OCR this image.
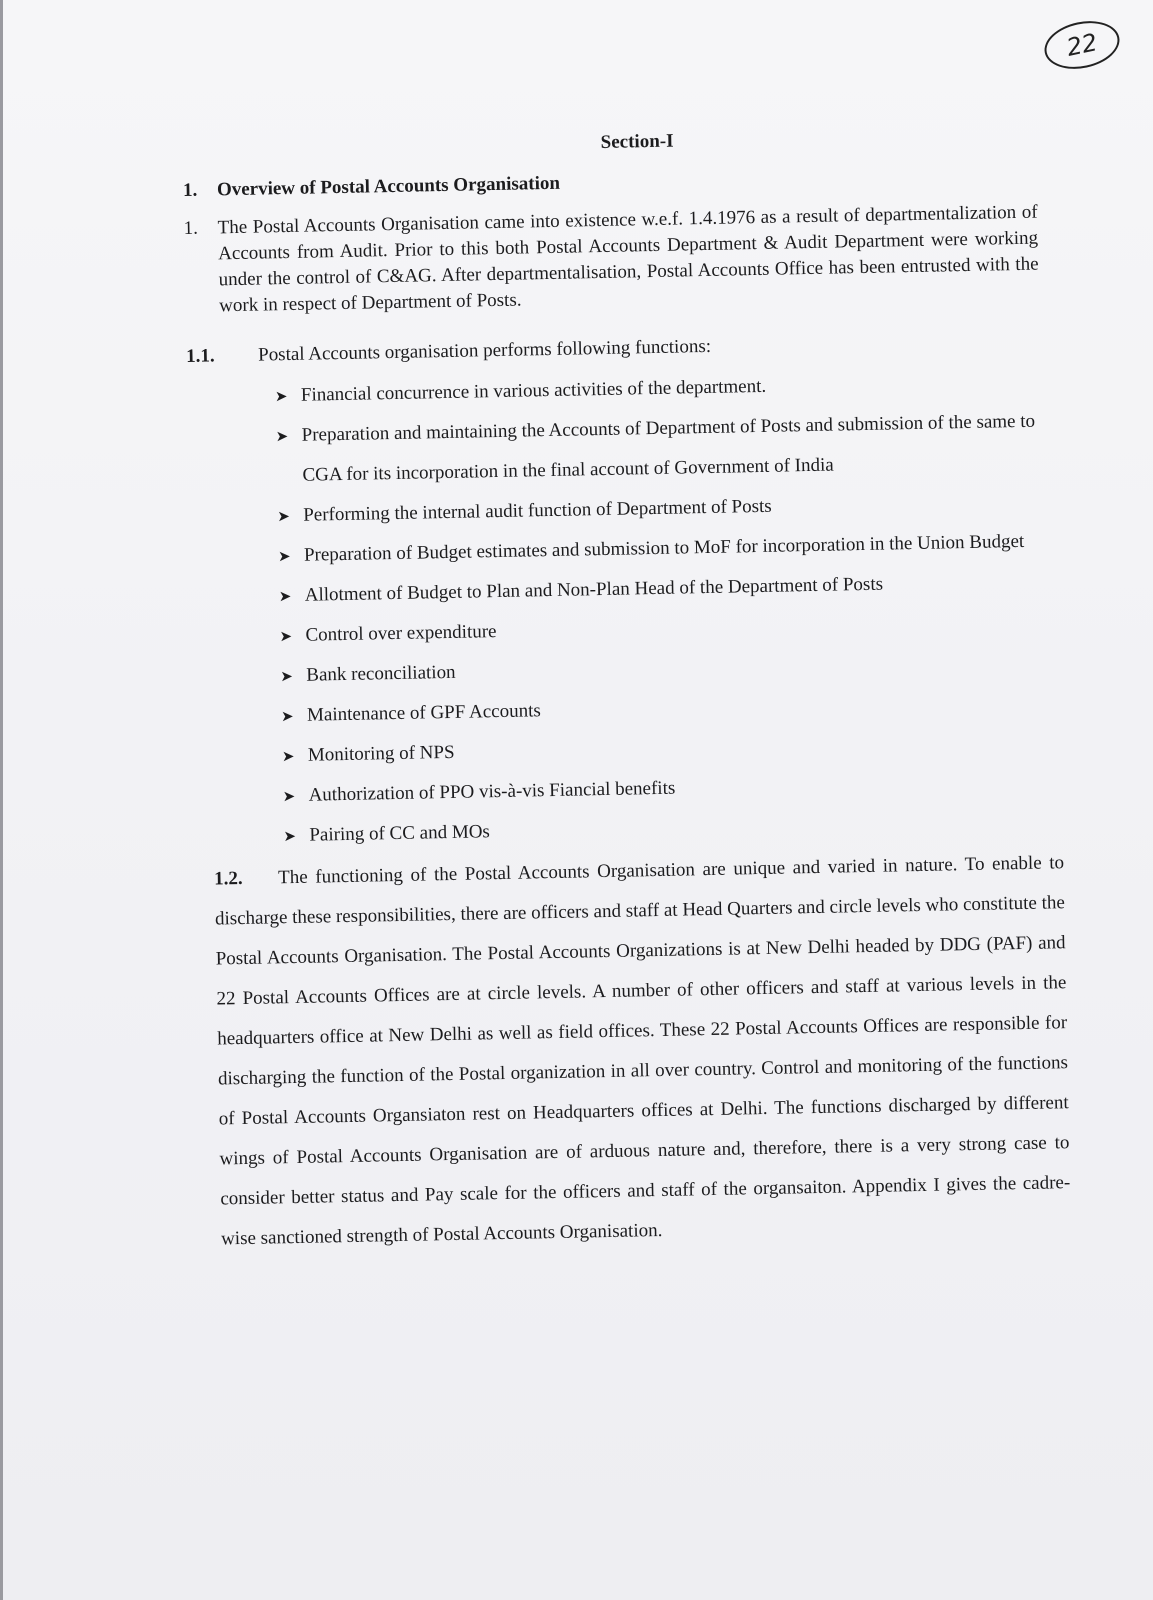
22
Section-I
1.	Overview of Postal Accounts Organisation
1.	The Postal Accounts Organisation came into existence w.e.f. 1.4.1976 as a result of departmentalization of Accounts from Audit. Prior to this both Postal Accounts Department & Audit Department were working under the control of C&AG. After departmentalisation, Postal Accounts Office has been entrusted with the work in respect of Department of Posts.
1.1.	Postal Accounts organisation performs following functions:
➤ Financial concurrence in various activities of the department.
➤ Preparation and maintaining the Accounts of Department of Posts and submission of the same to CGA for its incorporation in the final account of Government of India
➤ Performing the internal audit function of Department of Posts
➤ Preparation of Budget estimates and submission to MoF for incorporation in the Union Budget
➤ Allotment of Budget to Plan and Non-Plan Head of the Department of Posts
➤ Control over expenditure
➤ Bank reconciliation
➤ Maintenance of GPF Accounts
➤ Monitoring of NPS
➤ Authorization of PPO vis-à-vis Fiancial benefits
➤ Pairing of CC and MOs
1.2. The functioning of the Postal Accounts Organisation are unique and varied in nature. To enable to discharge these responsibilities, there are officers and staff at Head Quarters and circle levels who constitute the Postal Accounts Organisation. The Postal Accounts Organizations is at New Delhi headed by DDG (PAF) and 22 Postal Accounts Offices are at circle levels. A number of other officers and staff at various levels in the headquarters office at New Delhi as well as field offices. These 22 Postal Accounts Offices are responsible for discharging the function of the Postal organization in all over country. Control and monitoring of the functions of Postal Accounts Organsiaton rest on Headquarters offices at Delhi. The functions discharged by different wings of Postal Accounts Organisation are of arduous nature and, therefore, there is a very strong case to consider better status and Pay scale for the officers and staff of the organsaiton. Appendix I gives the cadre-wise sanctioned strength of Postal Accounts Organisation.
